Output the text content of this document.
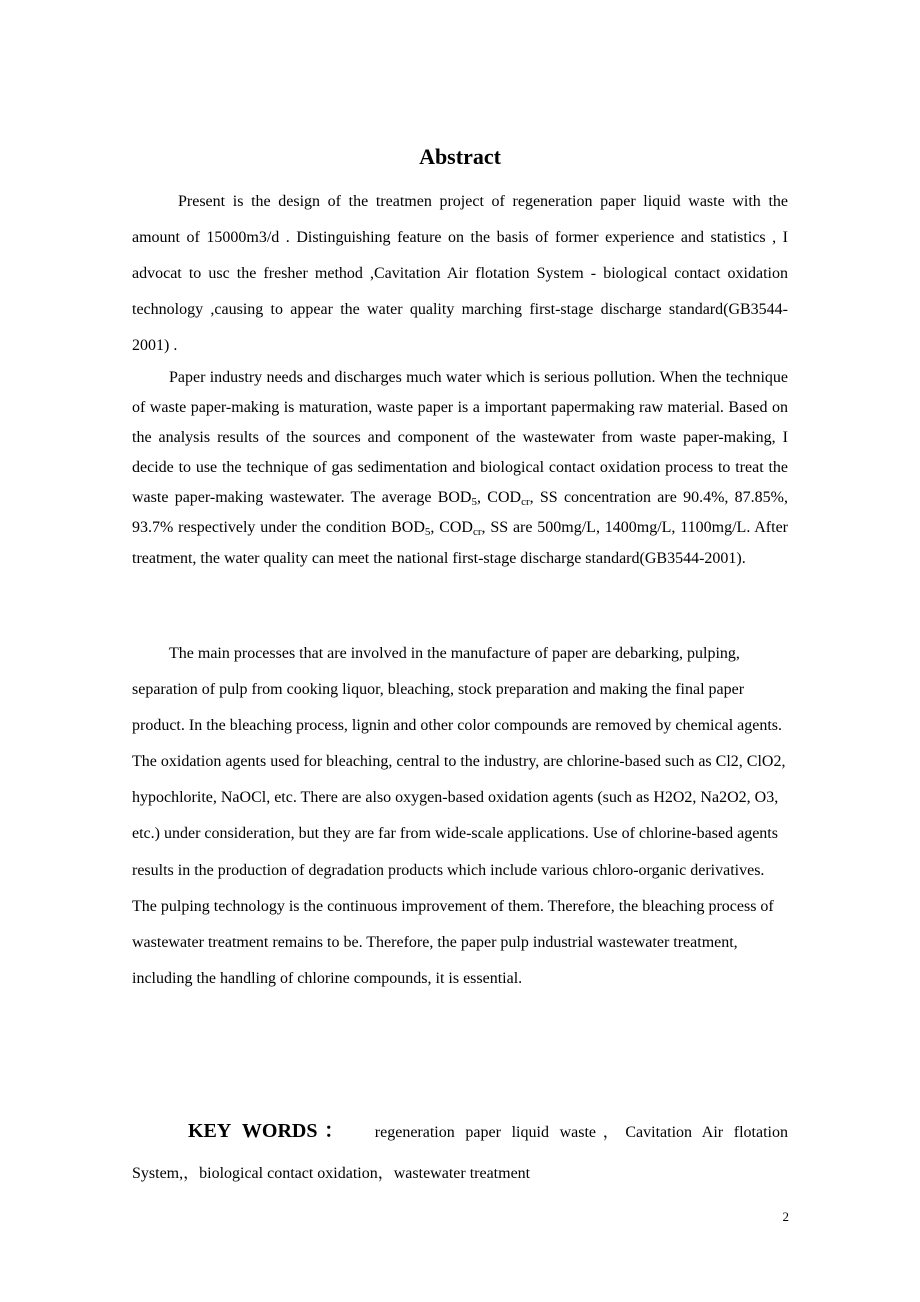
Abstract

Present is the design of the treatmen project of regeneration paper liquid waste with the amount of 15000m3/d . Distinguishing feature on the basis of former experience and statistics , I advocat to usc the fresher method ,Cavitation Air flotation System - biological contact oxidation technology ,causing to appear the water quality marching first-stage discharge standard(GB3544-2001) .

Paper industry needs and discharges much water which is serious pollution. When the technique of waste paper-making is maturation, waste paper is a important papermaking raw material. Based on the analysis results of the sources and component of the wastewater from waste paper-making, I decide to use the technique of gas sedimentation and biological contact oxidation process to treat the waste paper-making wastewater. The average $BOD_5$, $COD_{cr}$, SS concentration are 90.4%, 87.85%, 93.7% respectively under the condition $BOD_5$, $COD_{cr}$, SS are 500mg/L, 1400mg/L, 1100mg/L. After treatment, the water quality can meet the national first-stage discharge standard(GB3544-2001).

The main processes that are involved in the manufacture of paper are debarking, pulping, separation of pulp from cooking liquor, bleaching, stock preparation and making the final paper product. In the bleaching process, lignin and other color compounds are removed by chemical agents. The oxidation agents used for bleaching, central to the industry, are chlorine-based such as Cl2, ClO2, hypochlorite, NaOCl, etc. There are also oxygen-based oxidation agents (such as H2O2, Na2O2, O3, etc.) under consideration, but they are far from wide-scale applications. Use of chlorine-based agents results in the production of degradation products which include various chloro-organic derivatives. The pulping technology is the continuous improvement of them. Therefore, the bleaching process of wastewater treatment remains to be. Therefore, the paper pulp industrial wastewater treatment, including the handling of chlorine compounds, it is essential.

KEY WORDS： regeneration paper liquid waste，Cavitation Air flotation System,，biological contact oxidation，wastewater treatment

2
